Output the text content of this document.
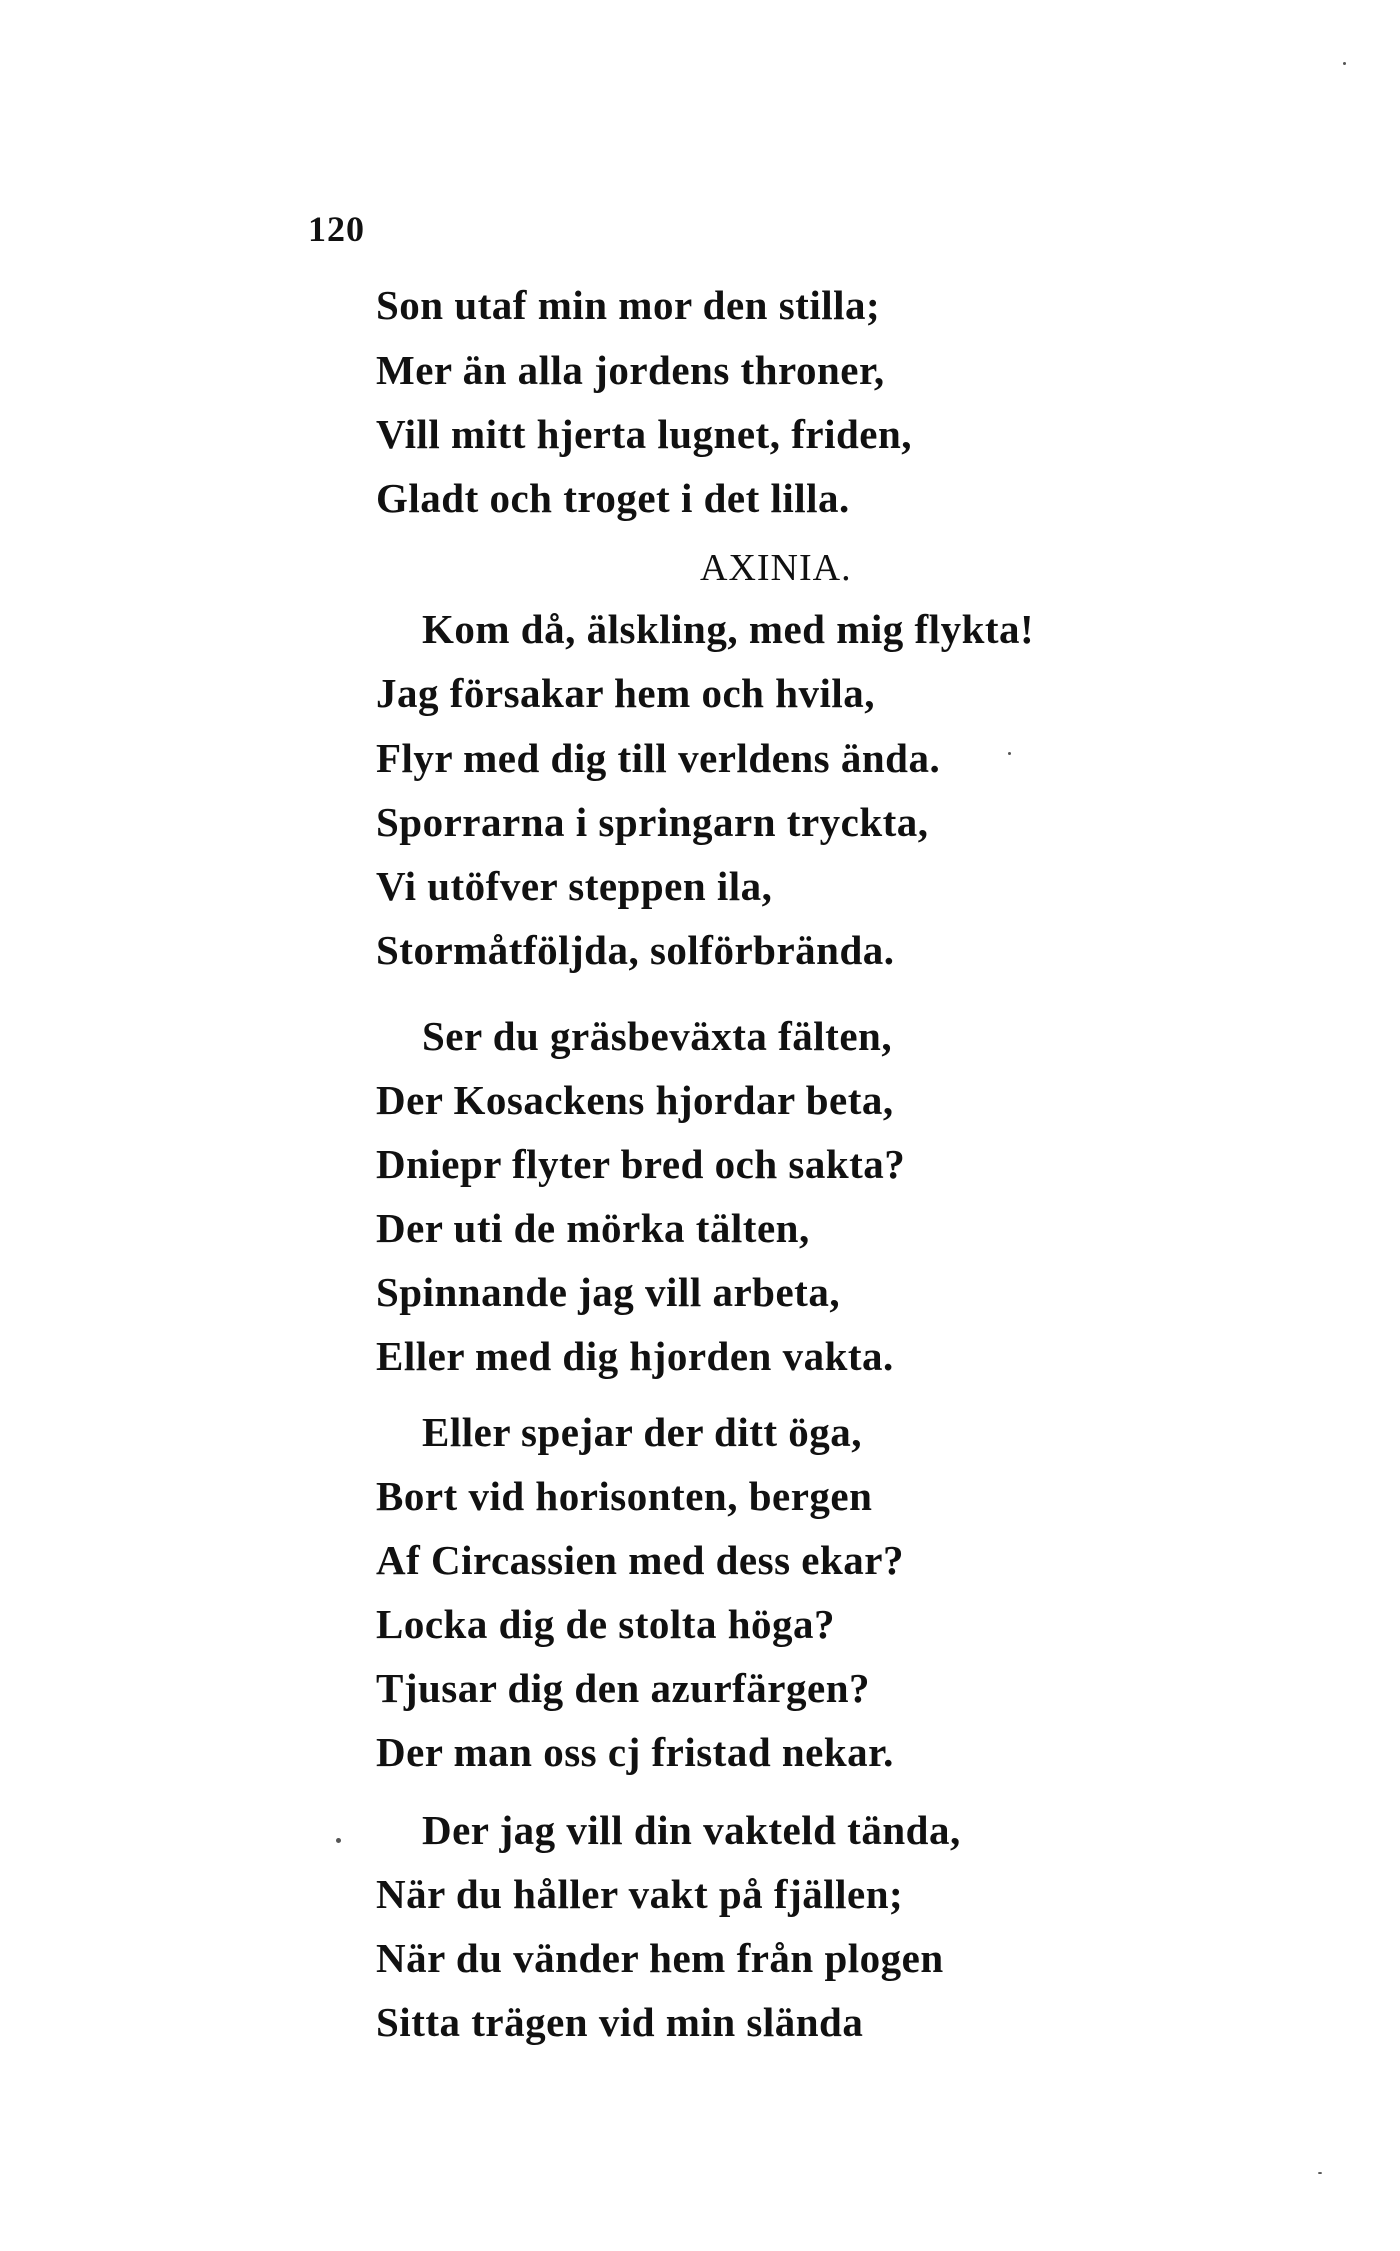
120
Son utaf min mor den stilla;
Mer än alla jordens throner,
Vill mitt hjerta lugnet, friden,
Gladt och troget i det lilla.
AXINIA.
Kom då, älskling, med mig flykta!
Jag försakar hem och hvila,
Flyr med dig till verldens ända.
Sporrarna i springarn tryckta,
Vi utöfver steppen ila,
Stormåtföljda, solförbrända.
Ser du gräsbeväxta fälten,
Der Kosackens hjordar beta,
Dniepr flyter bred och sakta?
Der uti de mörka tälten,
Spinnande jag vill arbeta,
Eller med dig hjorden vakta.
Eller spejar der ditt öga,
Bort vid horisonten, bergen
Af Circassien med dess ekar?
Locka dig de stolta höga?
Tjusar dig den azurfärgen?
Der man oss cj fristad nekar.
Der jag vill din vakteld tända,
När du håller vakt på fjällen;
När du vänder hem från plogen
Sitta trägen vid min slända
